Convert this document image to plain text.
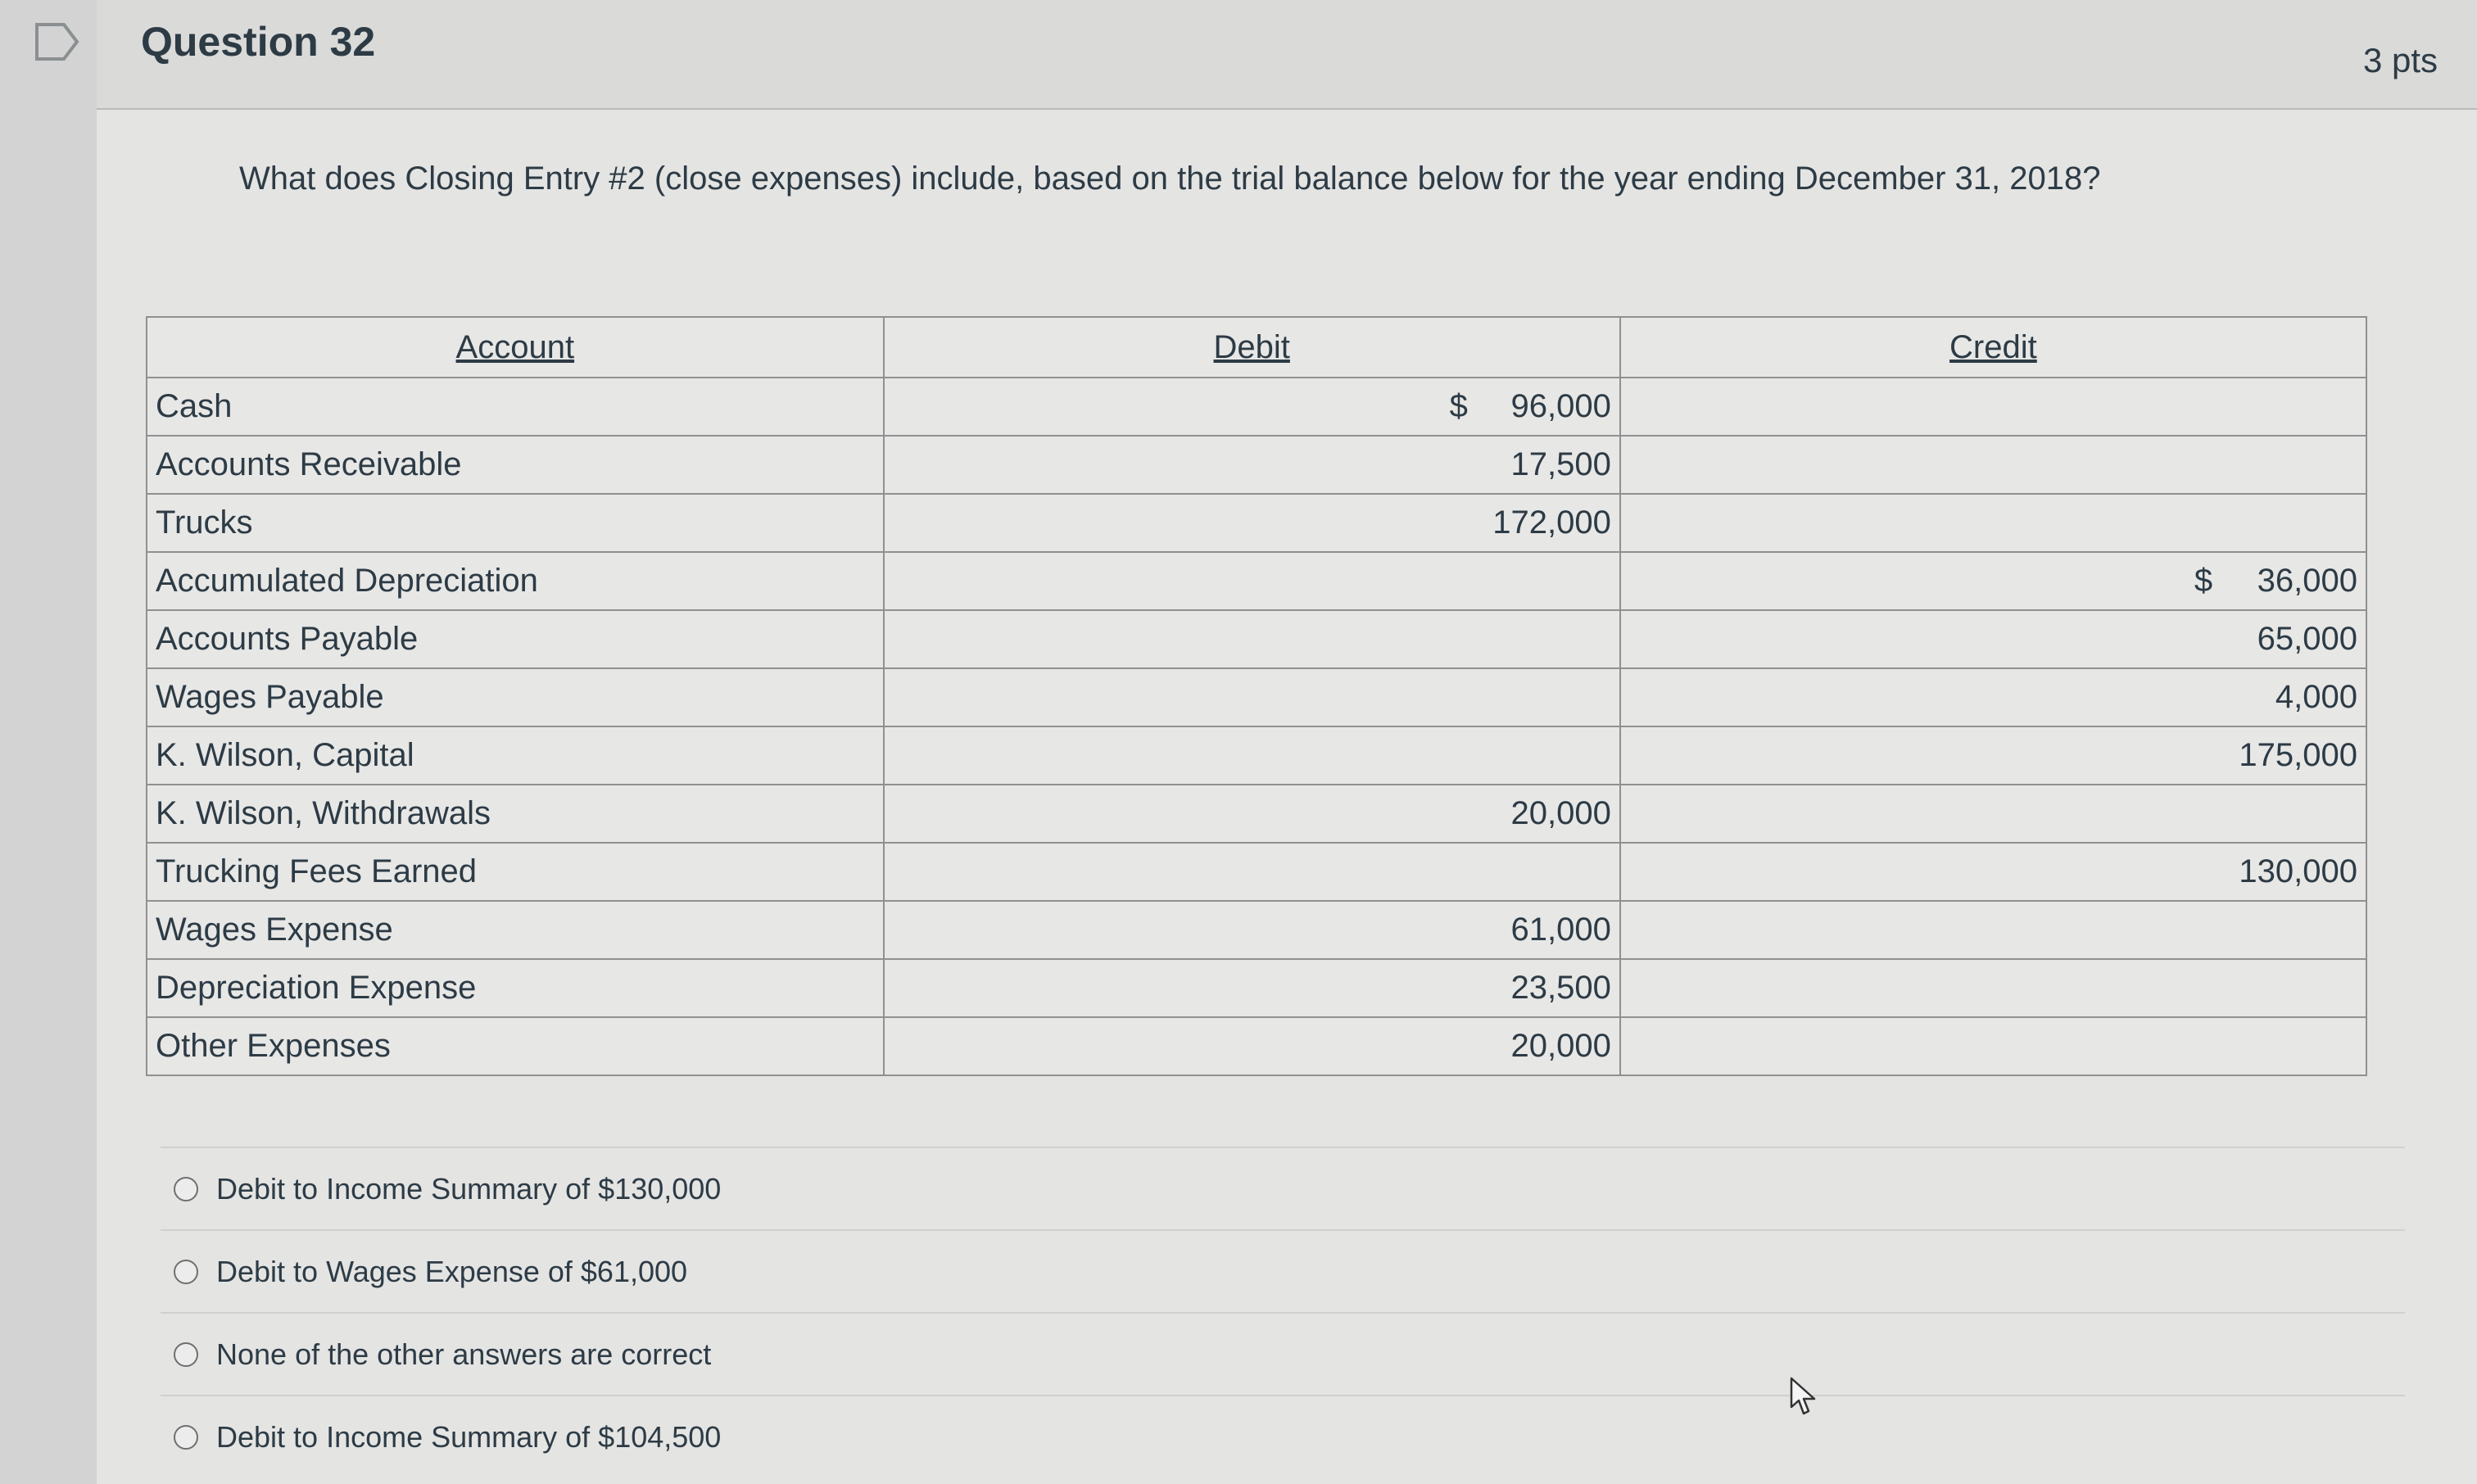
Question 32	3 pts
What does Closing Entry #2 (close expenses) include, based on the trial balance below for the year ending December 31, 2018?
Account	Debit	Credit
Cash	$ 96,000	

Accounts Receivable	17,500	

Trucks	172,000	

Accumulated Depreciation		$ 36,000
Accounts Payable		65,000
Wages Payable		4,000
K. Wilson, Capital		175,000
K. Wilson, Withdrawals	20,000	

Trucking Fees Earned		130,000
Wages Expense	61,000	

Depreciation Expense	23,500	

Other Expenses	20,000	
Debit to Income Summary of $130,000
Debit to Wages Expense of $61,000
None of the other answers are correct
Debit to Income Summary of $104,500
